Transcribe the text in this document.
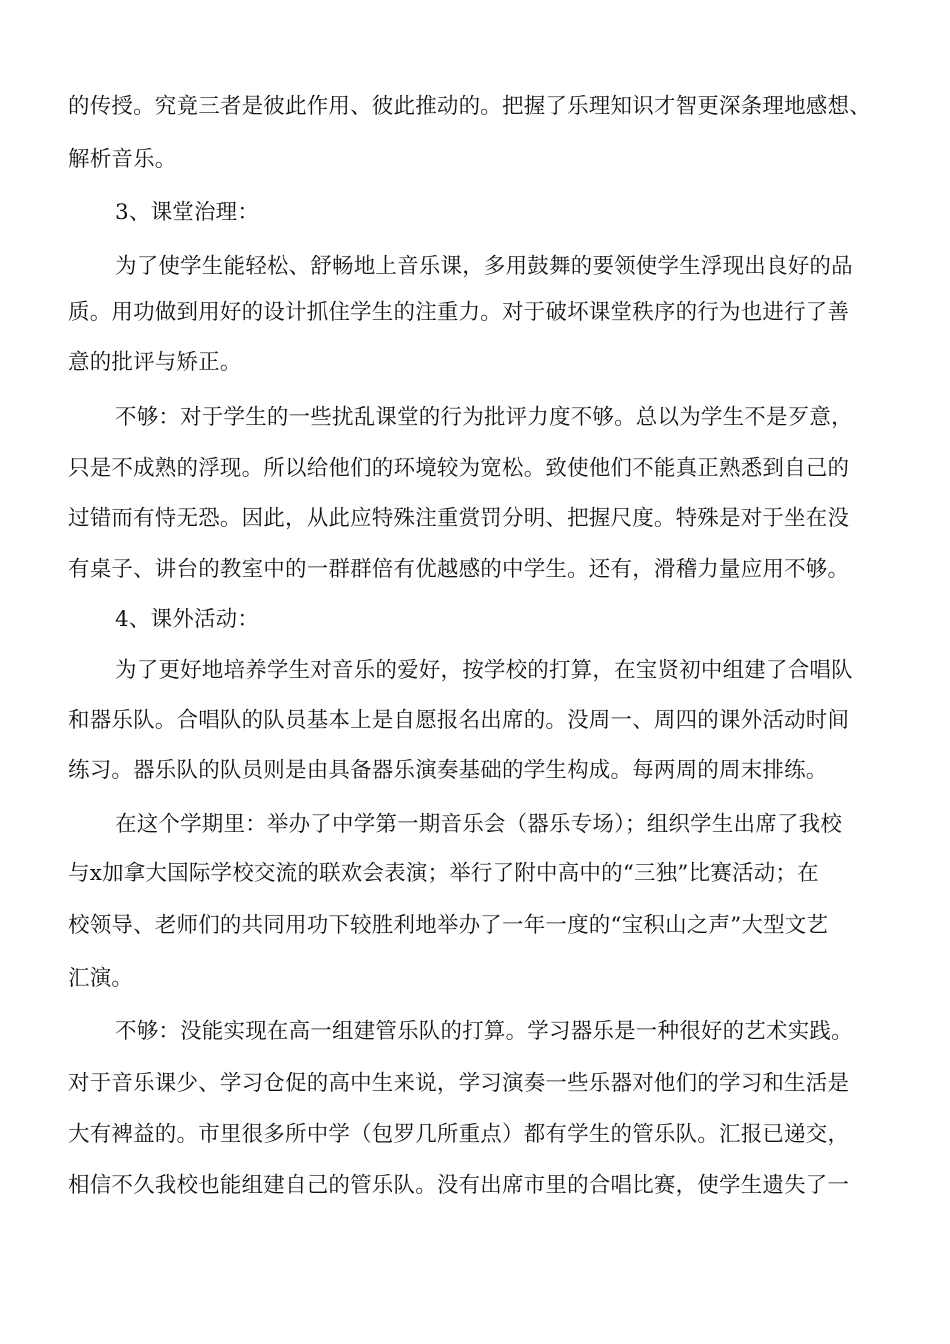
的传授。究竟三者是彼此作用、彼此推动的。把握了乐理知识才智更深条理地感想、
解析音乐。
3、课堂治理：
为了使学生能轻松、舒畅地上音乐课，多用鼓舞的要领使学生浮现出良好的品
质。用功做到用好的设计抓住学生的注重力。对于破坏课堂秩序的行为也进行了善
意的批评与矫正。
不够：对于学生的一些扰乱课堂的行为批评力度不够。总以为学生不是歹意，
只是不成熟的浮现。所以给他们的环境较为宽松。致使他们不能真正熟悉到自己的
过错而有恃无恐。因此，从此应特殊注重赏罚分明、把握尺度。特殊是对于坐在没
有桌子、讲台的教室中的一群群倍有优越感的中学生。还有，滑稽力量应用不够。
4、课外活动：
为了更好地培养学生对音乐的爱好，按学校的打算，在宝贤初中组建了合唱队
和器乐队。合唱队的队员基本上是自愿报名出席的。没周一、周四的课外活动时间
练习。器乐队的队员则是由具备器乐演奏基础的学生构成。每两周的周末排练。
在这个学期里：举办了中学第一期音乐会（器乐专场）；组织学生出席了我校
与x加拿大国际学校交流的联欢会表演；举行了附中高中的“三独”比赛活动；在
校领导、老师们的共同用功下较胜利地举办了一年一度的“宝积山之声”大型文艺
汇演。
不够：没能实现在高一组建管乐队的打算。学习器乐是一种很好的艺术实践。
对于音乐课少、学习仓促的高中生来说，学习演奏一些乐器对他们的学习和生活是
大有裨益的。市里很多所中学（包罗几所重点）都有学生的管乐队。汇报已递交，
相信不久我校也能组建自己的管乐队。没有出席市里的合唱比赛，使学生遗失了一
